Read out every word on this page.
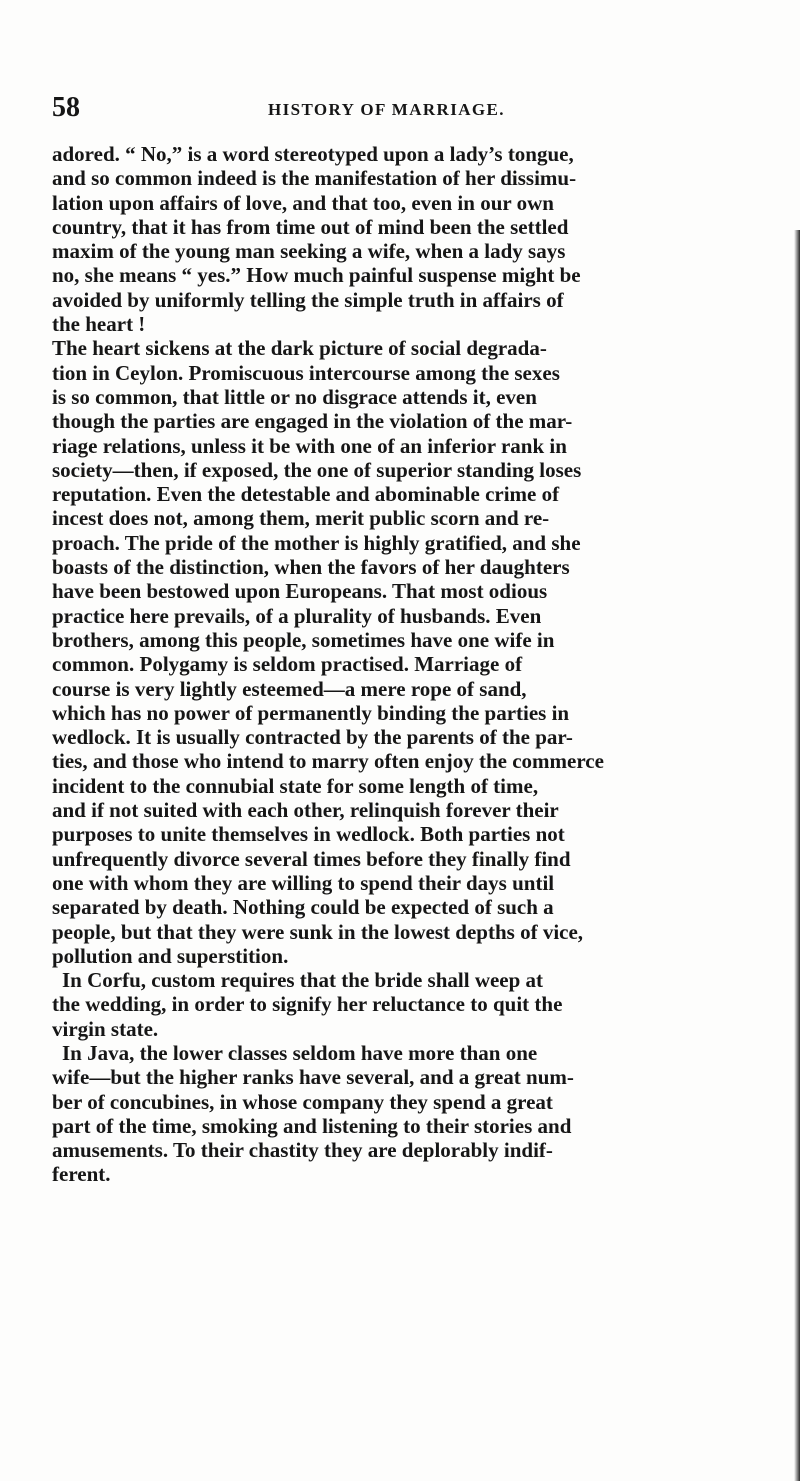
58	HISTORY OF MARRIAGE.

adored. “ No,” is a word stereotyped upon a lady’s tongue,
and so common indeed is the manifestation of her dissimu-
lation upon affairs of love, and that too, even in our own
country, that it has from time out of mind been the settled
maxim of the young man seeking a wife, when a lady says
no, she means “ yes.” How much painful suspense might be
avoided by uniformly telling the simple truth in affairs of
the heart !

The heart sickens at the dark picture of social degrada-
tion in Ceylon. Promiscuous intercourse among the sexes
is so common, that little or no disgrace attends it, even
though the parties are engaged in the violation of the mar-
riage relations, unless it be with one of an inferior rank in
society—then, if exposed, the one of superior standing loses
reputation. Even the detestable and abominable crime of
incest does not, among them, merit public scorn and re-
proach. The pride of the mother is highly gratified, and she
boasts of the distinction, when the favors of her daughters
have been bestowed upon Europeans. That most odious
practice here prevails, of a plurality of husbands. Even
brothers, among this people, sometimes have one wife in
common. Polygamy is seldom practised. Marriage of
course is very lightly esteemed—a mere rope of sand,
which has no power of permanently binding the parties in
wedlock. It is usually contracted by the parents of the par-
ties, and those who intend to marry often enjoy the commerce
incident to the connubial state for some length of time,
and if not suited with each other, relinquish forever their
purposes to unite themselves in wedlock. Both parties not
unfrequently divorce several times before they finally find
one with whom they are willing to spend their days until
separated by death. Nothing could be expected of such a
people, but that they were sunk in the lowest depths of vice,
pollution and superstition.

In Corfu, custom requires that the bride shall weep at
the wedding, in order to signify her reluctance to quit the
virgin state.

In Java, the lower classes seldom have more than one
wife—but the higher ranks have several, and a great num-
ber of concubines, in whose company they spend a great
part of the time, smoking and listening to their stories and
amusements. To their chastity they are deplorably indif-
ferent.
